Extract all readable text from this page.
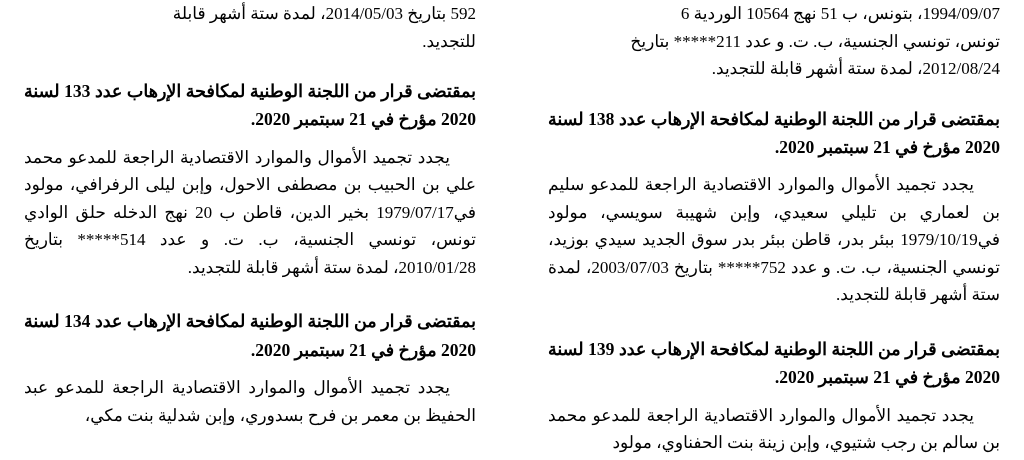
592 بتاريخ 2014/05/03، لمدة ستة أشهر قابلة

للتجديد.

بمقتضى قرار من اللجنة الوطنية لمكافحة الإرهاب عدد 133 لسنة 2020 مؤرخ في 21 سبتمبر 2020.

يجدد تجميد الأموال والموارد الاقتصادية الراجعة للمدعو محمد علي بن الحبيب بن مصطفى الاحول، وإبن ليلى الرفرافي، مولود في1979/07/17 بخير الدين، قاطن ب 20 نهج الدخله حلق الوادي تونس، تونسي الجنسية، ب. ت. و عدد 514***** بتاريخ 2010/01/28، لمدة ستة أشهر قابلة للتجديد.

بمقتضى قرار من اللجنة الوطنية لمكافحة الإرهاب عدد 134 لسنة 2020 مؤرخ في 21 سبتمبر 2020.

يجدد تجميد الأموال والموارد الاقتصادية الراجعة للمدعو عبد الحفيظ بن معمر بن فرح بسدوري، وإبن شدلية بنت مكي،

1994/09/07، بتونس، ب 51 نهج 10564 الوردية 6

تونس، تونسي الجنسية، ب. ت. و عدد 211***** بتاريخ

2012/08/24، لمدة ستة أشهر قابلة للتجديد.

بمقتضى قرار من اللجنة الوطنية لمكافحة الإرهاب عدد 138 لسنة 2020 مؤرخ في 21 سبتمبر 2020.

يجدد تجميد الأموال والموارد الاقتصادية الراجعة للمدعو سليم بن لعماري بن تليلي سعيدي، وإبن شهيبة سويسي، مولود في1979/10/19 ببئر بدر، قاطن ببئر بدر سوق الجديد سيدي بوزيد، تونسي الجنسية، ب. ت. و عدد 752***** بتاريخ 2003/07/03، لمدة ستة أشهر قابلة للتجديد.

بمقتضى قرار من اللجنة الوطنية لمكافحة الإرهاب عدد 139 لسنة 2020 مؤرخ في 21 سبتمبر 2020.

يجدد تجميد الأموال والموارد الاقتصادية الراجعة للمدعو محمد بن سالم بن رجب شتيوي، وإبن زينة بنت الحفناوي، مولود
